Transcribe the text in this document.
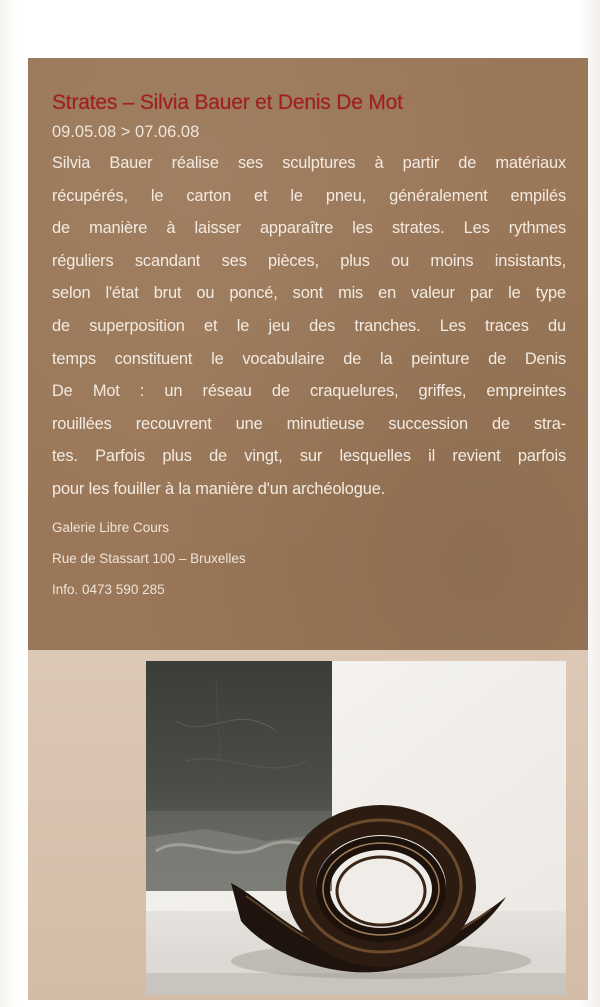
Strates – Silvia Bauer et Denis De Mot

09.05.08 > 07.06.08

Silvia Bauer réalise ses sculptures à partir de matériaux
récupérés, le carton et le pneu, généralement empilés
de manière à laisser apparaître les strates. Les rythmes
réguliers scandant ses pièces, plus ou moins insistants,
selon l'état brut ou poncé, sont mis en valeur par le type
de superposition et le jeu des tranches. Les traces du
temps constituent le vocabulaire de la peinture de Denis
De Mot : un réseau de craquelures, griffes, empreintes
rouillées recouvrent une minutieuse succession de stra-
tes. Parfois plus de vingt, sur lesquelles il revient parfois
pour les fouiller à la manière d'un archéologue.

Galerie Libre Cours
Rue de Stassart 100 – Bruxelles
Info. 0473 590 285
